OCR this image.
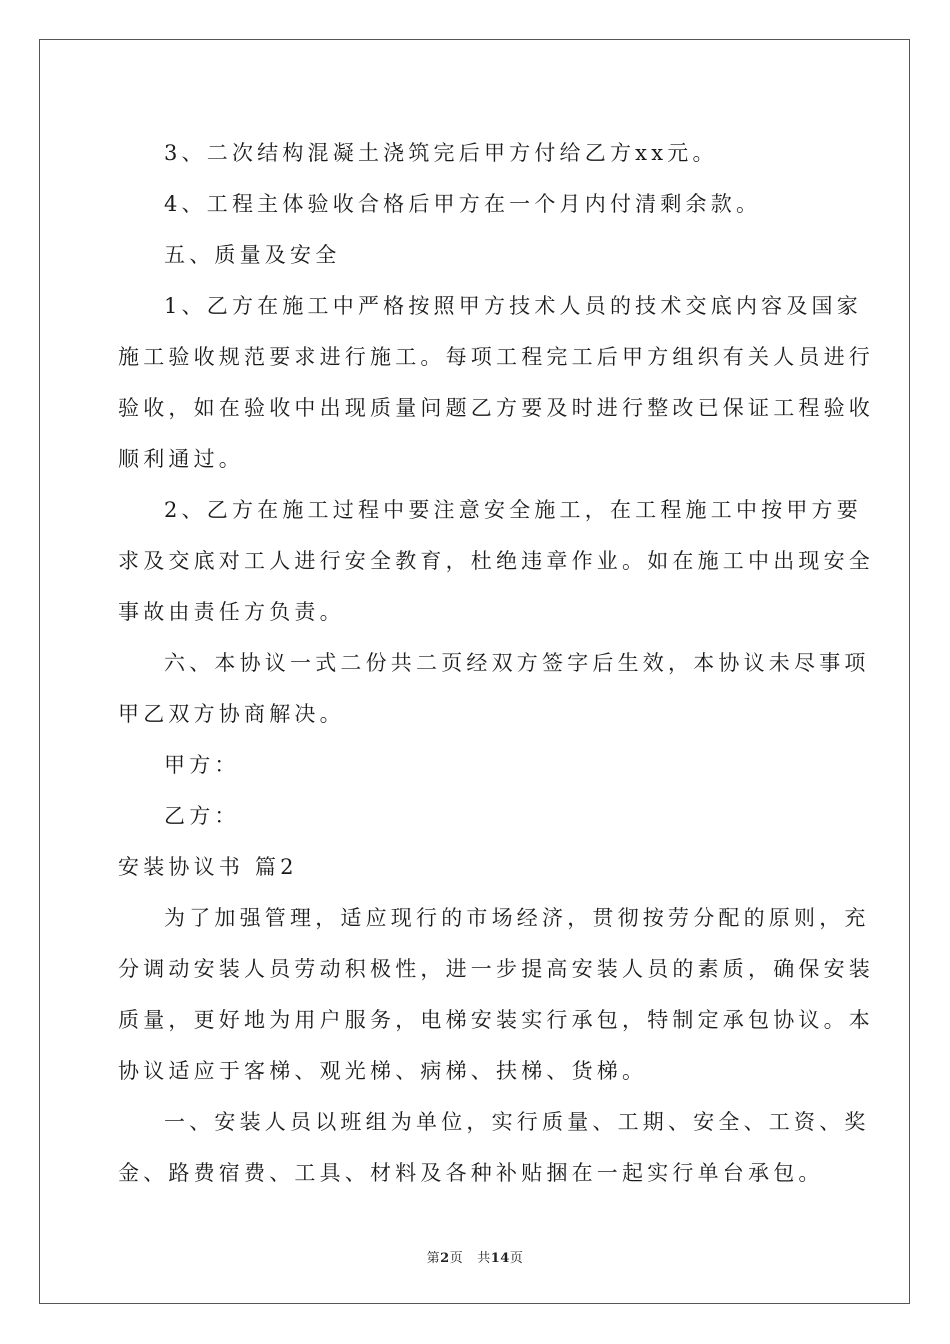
3、二次结构混凝土浇筑完后甲方付给乙方xx元。
4、工程主体验收合格后甲方在一个月内付清剩余款。
五、质量及安全
1、乙方在施工中严格按照甲方技术人员的技术交底内容及国家
施工验收规范要求进行施工。每项工程完工后甲方组织有关人员进行
验收，如在验收中出现质量问题乙方要及时进行整改已保证工程验收
顺利通过。
2、乙方在施工过程中要注意安全施工，在工程施工中按甲方要
求及交底对工人进行安全教育，杜绝违章作业。如在施工中出现安全
事故由责任方负责。
六、本协议一式二份共二页经双方签字后生效，本协议未尽事项
甲乙双方协商解决。
甲方：
乙方：
安装协议书 篇2
为了加强管理，适应现行的市场经济，贯彻按劳分配的原则，充
分调动安装人员劳动积极性，进一步提高安装人员的素质，确保安装
质量，更好地为用户服务，电梯安装实行承包，特制定承包协议。本
协议适应于客梯、观光梯、病梯、扶梯、货梯。
一、安装人员以班组为单位，实行质量、工期、安全、工资、奖
金、路费宿费、工具、材料及各种补贴捆在一起实行单台承包。
第2页 共14页
